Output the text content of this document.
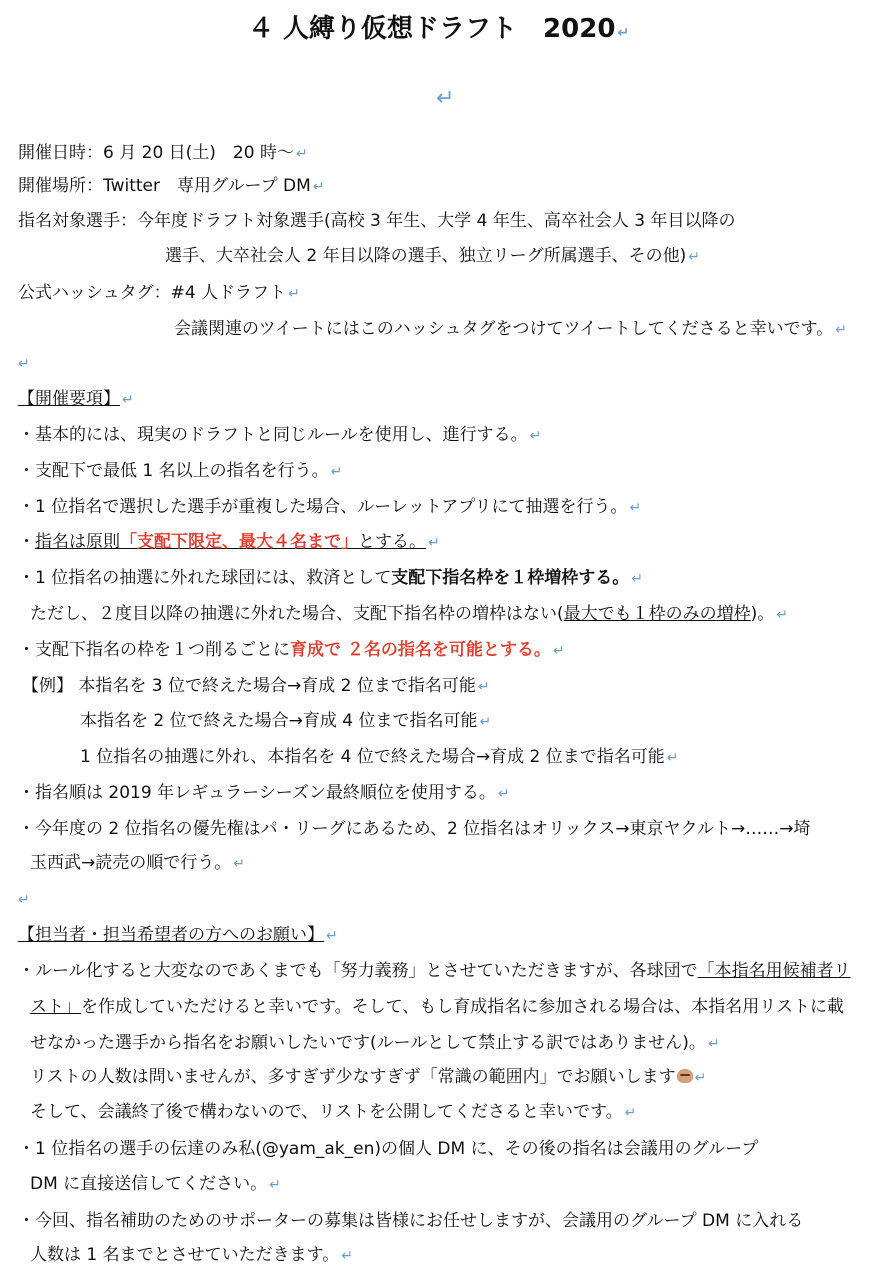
４ 人縛り仮想ドラフト　2020 ↵
↵
開催日時：6 月 20 日(土)　20 時～ ↵
開催場所：Twitter　専用グループ DM ↵
指名対象選手：今年度ドラフト対象選手(高校 3 年生、大学 4 年生、高卒社会人 3 年目以降の
選手、大卒社会人 2 年目以降の選手、独立リーグ所属選手、その他) ↵
公式ハッシュタグ：#4 人ドラフト ↵
会議関連のツイートにはこのハッシュタグをつけてツイートしてくださると幸いです。 ↵
↵
【開催要項】 ↵
・基本的には、現実のドラフトと同じルールを使用し、進行する。 ↵
・支配下で最低 1 名以上の指名を行う。 ↵
・1 位指名で選択した選手が重複した場合、ルーレットアプリにて抽選を行う。 ↵
・指名は原則「支配下限定、最大４名まで」とする。 ↵
・1 位指名の抽選に外れた球団には、救済として支配下指名枠を１枠増枠する。 ↵
ただし、２度目以降の抽選に外れた場合、支配下指名枠の増枠はない(最大でも１枠のみの増枠)。 ↵
・支配下指名の枠を１つ削るごとに育成で ２名の指名を可能とする。 ↵
【例】 本指名を 3 位で終えた場合→育成 2 位まで指名可能 ↵
本指名を 2 位で終えた場合→育成 4 位まで指名可能 ↵
1 位指名の抽選に外れ、本指名を 4 位で終えた場合→育成 2 位まで指名可能 ↵
・指名順は 2019 年レギュラーシーズン最終順位を使用する。 ↵
・今年度の 2 位指名の優先権はパ・リーグにあるため、2 位指名はオリックス→東京ヤクルト→……→埼
玉西武→読売の順で行う。 ↵
↵
【担当者・担当希望者の方へのお願い】 ↵
・ルール化すると大変なのであくまでも「努力義務」とさせていただきますが、各球団で「本指名用候補者リ
スト」を作成していただけると幸いです。そして、もし育成指名に参加される場合は、本指名用リストに載
せなかった選手から指名をお願いしたいです(ルールとして禁止する訳ではありません)。 ↵
リストの人数は問いませんが、多すぎず少なすぎず「常識の範囲内」でお願いします ↵
そして、会議終了後で構わないので、リストを公開してくださると幸いです。 ↵
・1 位指名の選手の伝達のみ私(@yam_ak_en)の個人 DM に、その後の指名は会議用のグループ
DM に直接送信してください。 ↵
・今回、指名補助のためのサポーターの募集は皆様にお任せしますが、会議用のグループ DM に入れる
人数は 1 名までとさせていただきます。 ↵
